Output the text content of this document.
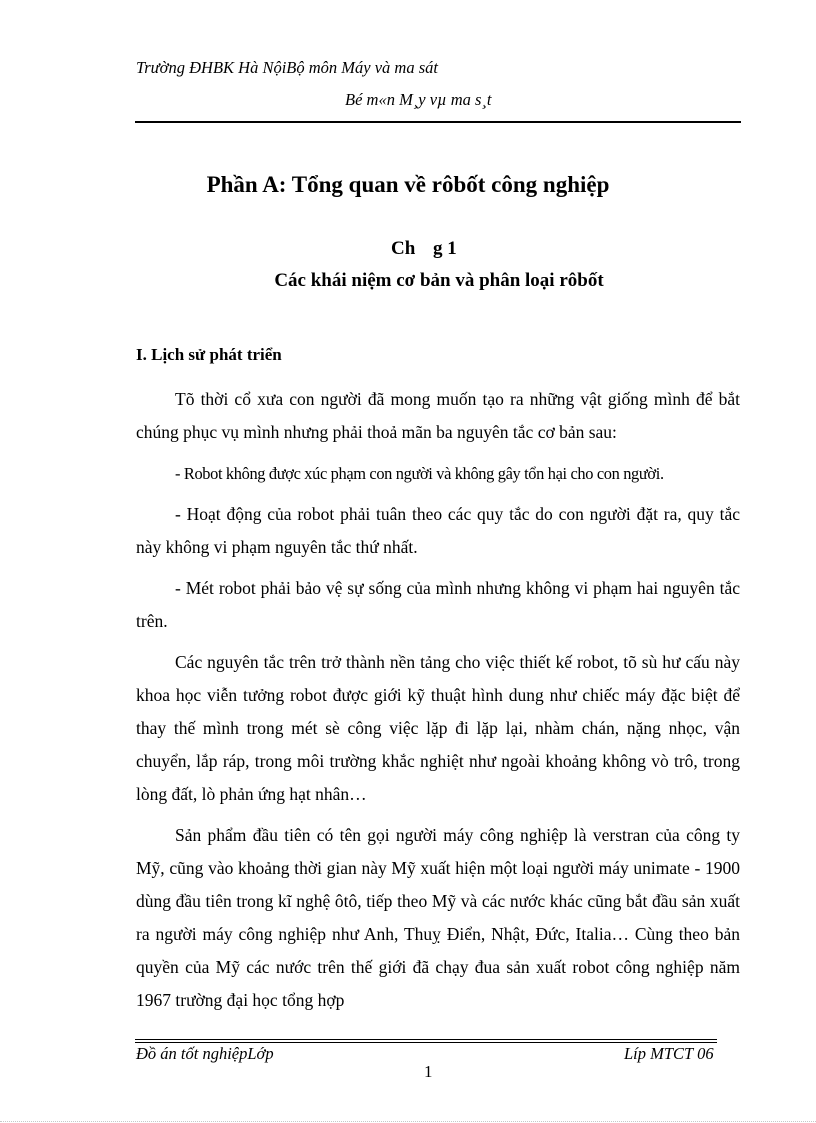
Trường ĐHBK Hà NộiBộ môn Máy và ma sát
Bé m«n M¸y vµ ma s¸t
Phần A: Tổng quan về rôbốt công nghiệp
Ch g 1
Các khái niệm cơ bản và phân loại rôbốt
I. Lịch sử phát triển

Tõ thời cổ xưa con người đã mong muốn tạo ra những vật giống mình để bắt chúng phục vụ mình nhưng phải thoả mãn ba nguyên tắc cơ bản sau:

- Robot không được xúc phạm con người và không gây tổn hại cho con người.

- Hoạt động của robot phải tuân theo các quy tắc do con người đặt ra, quy tắc này không vi phạm nguyên tắc thứ nhất.

- Mét robot phải bảo vệ sự sống của mình nhưng không vi phạm hai nguyên tắc trên.

Các nguyên tắc trên trở thành nền tảng cho việc thiết kế robot, tõ sù hư cấu này khoa học viễn tưởng robot được giới kỹ thuật hình dung như chiếc máy đặc biệt để thay thế mình trong mét sè công việc lặp đi lặp lại, nhàm chán, nặng nhọc, vận chuyển, lắp ráp, trong môi trường khắc nghiệt như ngoài khoảng không vò trô, trong lòng đất, lò phản ứng hạt nhân…

Sản phẩm đầu tiên có tên gọi người máy công nghiệp là verstran của công ty Mỹ, cũng vào khoảng thời gian này Mỹ xuất hiện một loại người máy unimate - 1900 dùng đầu tiên trong kĩ nghệ ôtô, tiếp theo Mỹ và các nước khác cũng bắt đầu sản xuất ra người máy công nghiệp như Anh, Thuỵ Điển, Nhật, Đức, Italia… Cùng theo bản quyền của Mỹ các nước trên thế giới đã chạy đua sản xuất robot công nghiệp năm 1967 trường đại học tổng hợp

Đồ án tốt nghiệpLớp	Líp MTCT 06
1
